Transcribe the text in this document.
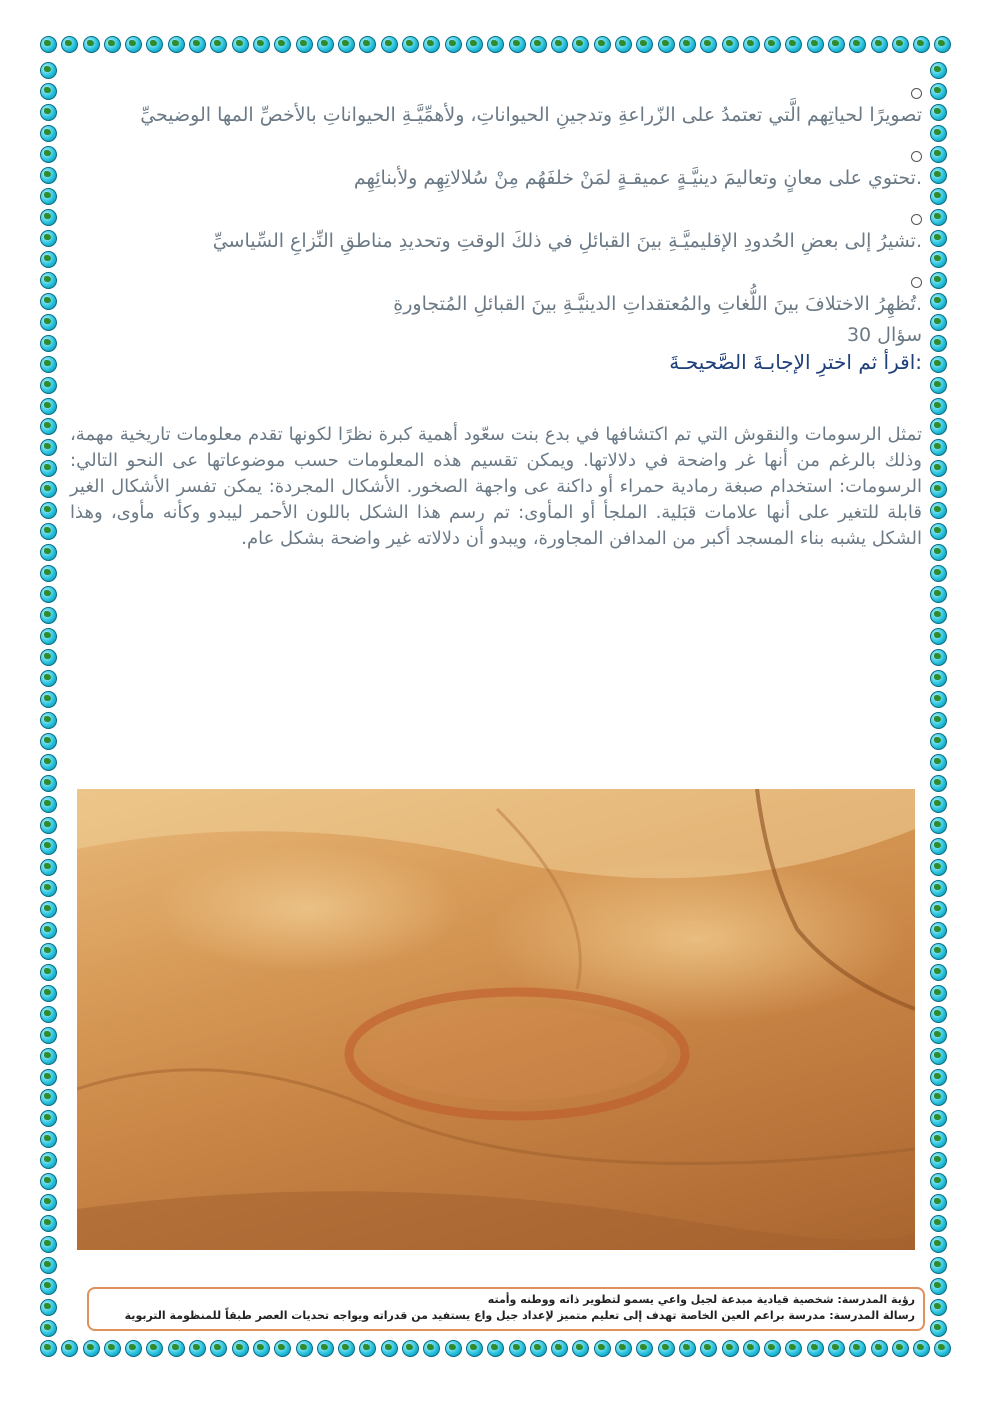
تصويرًا لحياتِهم الَّتي تعتمدُ على الزّراعةِ وتدجينِ الحيواناتِ، ولأهمِّيَّـةِ الحيواناتِ بالأخصِّ المها الوضيحيِّ

.تحتوي على معانٍ وتعاليمَ دينيَّـةٍ عميقـةٍ لمَنْ خلفَهُم مِنْ سُلالاتِهِم ولأبنائِهِم

.تشيرُ إلى بعضِ الحُدودِ الإقليميَّـةِ بينَ القبائلِ في ذلكَ الوقتِ وتحديدِ مناطقِ النِّزاعِ السِّياسيِّ

.تُظهِرُ الاختلافَ بينَ اللُّغاتِ والمُعتقداتِ الدينيَّـةِ بينَ القبائلِ المُتجاورةِ

سؤال 30

:اقرأ ثم اخترِ الإجابـةَ الصَّحيحـةَ

تمثل الرسومات والنقوش التي تم اكتشافها في بدع بنت سعّود أهمية كبرة نظرًا لكونها تقدم معلومات تاريخية مهمة، وذلك بالرغم من أنها غر واضحة في دلالاتها. ويمكن تقسيم هذه المعلومات حسب موضوعاتها عى النحو التالي: الرسومات: استخدام صبغة رمادية حمراء أو داكنة عى واجهة الصخور. الأشكال المجردة: يمكن تفسر الأشكال الغير قابلة للتغير على أنها علامات قبَلية. الملجأ أو المأوى: تم رسم هذا الشكل باللون الأحمر ليبدو وكأنه مأوى، وهذا الشكل يشبه بناء المسجد أكبر من المدافن المجاورة، ويبدو أن دلالاته غير واضحة بشكل عام.

رؤية المدرسة: شخصية قيادية مبدعة لجيل واعي يسمو لتطوير ذاته ووطنه وأمته
رسالة المدرسة: مدرسة براعم العين الخاصة تهدف إلى تعليم متميز لإعداد جيل واع يستفيد من قدراته ويواجه تحديات العصر طبقاً للمنظومة التربوية
